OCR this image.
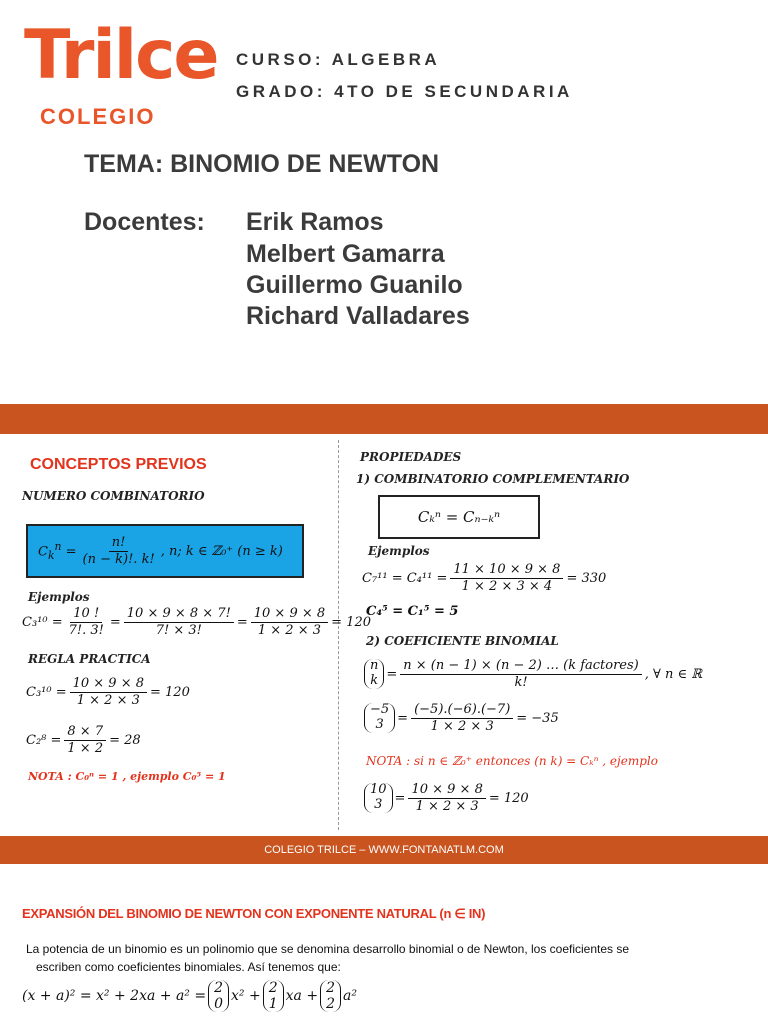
Trilce
COLEGIO
CURSO: ALGEBRA
GRADO: 4TO DE SECUNDARIA
TEMA: BINOMIO DE NEWTON
Docentes: Erik Ramos
Melbert Gamarra
Guillermo Guanilo
Richard Valladares
CONCEPTOS PREVIOS
NUMERO COMBINATORIO
$C_k^n = \frac{n!}{(n - k)!. k!}$ , n; k ∈ ℤ₀⁺ (n ≥ k)
Ejemplos
$C_3^{10} = \frac{10 !}{7!. 3!} = \frac{10 \times 9 \times 8 \times 7!}{7! \times 3!} = \frac{10 \times 9 \times 8}{1 \times 2 \times 3} = 120$
REGLA PRACTICA
$C_3^{10} = \frac{10 \times 9 \times 8}{1 \times 2 \times 3} = 120$
$C_2^8 = \frac{8 \times 7}{1 \times 2} = 28$
NOTA : C₀ⁿ = 1 , ejemplo C₀⁵ = 1
PROPIEDADES
1) COMBINATORIO COMPLEMENTARIO
Cₖⁿ = Cₙ₋ₖⁿ
Ejemplos
$C_7^{11} = C_4^{11} = \frac{11 \times 10 \times 9 \times 8}{1 \times 2 \times 3 \times 4} = 330$
C₄⁵ = C₁⁵ = 5
2) COEFICIENTE BINOMIAL
n
$k = \frac{\text{n × (n − 1) × (n − 2) … (k factores)}}{k!}$ , ∀ n ∈ ℝ
−5
$3 = \frac{(-5).(-6).(-7)}{1 \times 2 \times 3} = -35$
NOTA : si n ∈ ℤ₀⁺ entonces (n k) = Cₖⁿ , ejemplo
10
$3 = \frac{10 \times 9 \times 8}{1 \times 2 \times 3} = 120$
COLEGIO TRILCE – WWW.FONTANATLM.COM
EXPANSIÓN DEL BINOMIO DE NEWTON CON EXPONENTE NATURAL (n ∈ IN)
La potencia de un binomio es un polinomio que se denomina desarrollo binomial o de Newton, los coeficientes se
escriben como coeficientes binomiales. Así tenemos que:
(x + a)² = x² + 2xa + a² =
2
0 x² +
2
1 xa +
2
2 a²
